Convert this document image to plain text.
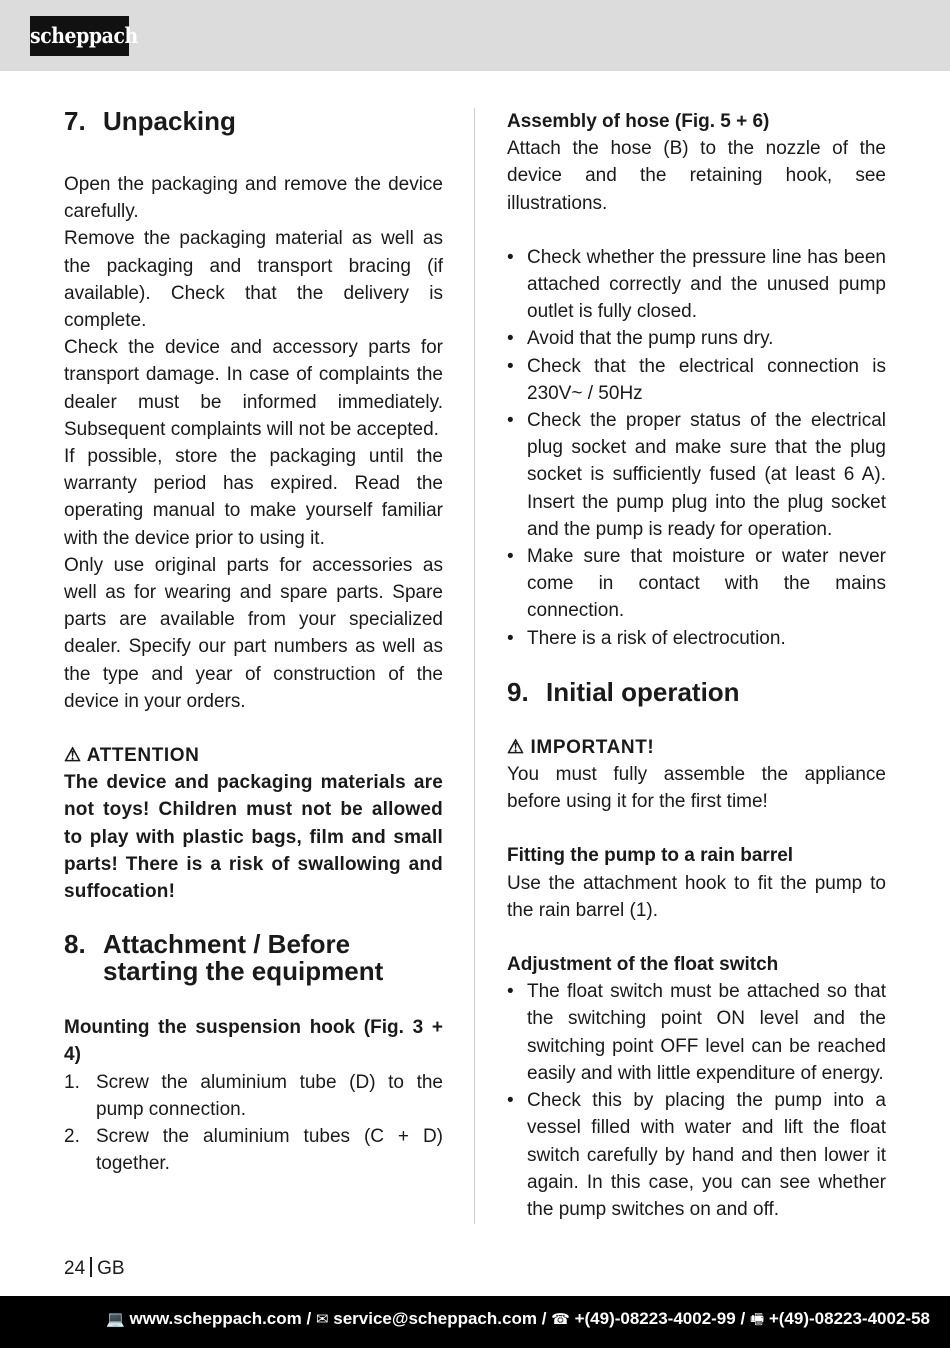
scheppach
7. Unpacking

Open the packaging and remove the device carefully.

Remove the packaging material as well as the packaging and transport bracing (if available). Check that the delivery is complete.

Check the device and accessory parts for transport damage. In case of complaints the dealer must be informed immediately. Subsequent complaints will not be accepted.

If possible, store the packaging until the warranty period has expired. Read the operating manual to make yourself familiar with the device prior to using it.

Only use original parts for accessories as well as for wearing and spare parts. Spare parts are available from your specialized dealer. Specify our part numbers as well as the type and year of construction of the device in your orders.

⚠ ATTENTION

The device and packaging materials are not toys! Children must not be allowed to play with plastic bags, film and small parts! There is a risk of swallowing and suffocation!

8. Attachment / Before starting the equipment

Mounting the suspension hook (Fig. 3 + 4)

1. Screw the aluminium tube (D) to the pump connection.
2. Screw the aluminium tubes (C + D) together.

Assembly of hose (Fig. 5 + 6)

Attach the hose (B) to the nozzle of the device and the retaining hook, see illustrations.

• Check whether the pressure line has been attached correctly and the unused pump outlet is fully closed.
• Avoid that the pump runs dry.
• Check that the electrical connection is 230V~ / 50Hz
• Check the proper status of the electrical plug socket and make sure that the plug socket is sufficiently fused (at least 6 A). Insert the pump plug into the plug socket and the pump is ready for operation.
• Make sure that moisture or water never come in contact with the mains connection.
• There is a risk of electrocution.
9. Initial operation

⚠ IMPORTANT!

You must fully assemble the appliance before using it for the first time!

Fitting the pump to a rain barrel

Use the attachment hook to fit the pump to the rain barrel (1).

Adjustment of the float switch

• The float switch must be attached so that the switching point ON level and the switching point OFF level can be reached easily and with little expenditure of energy.
• Check this by placing the pump into a vessel filled with water and lift the float switch carefully by hand and then lower it again. In this case, you can see whether the pump switches on and off.
24 GB
💻 www.scheppach.com / ✉ service@scheppach.com / ☎ +(49)-08223-4002-99 / 🖷 +(49)-08223-4002-58
